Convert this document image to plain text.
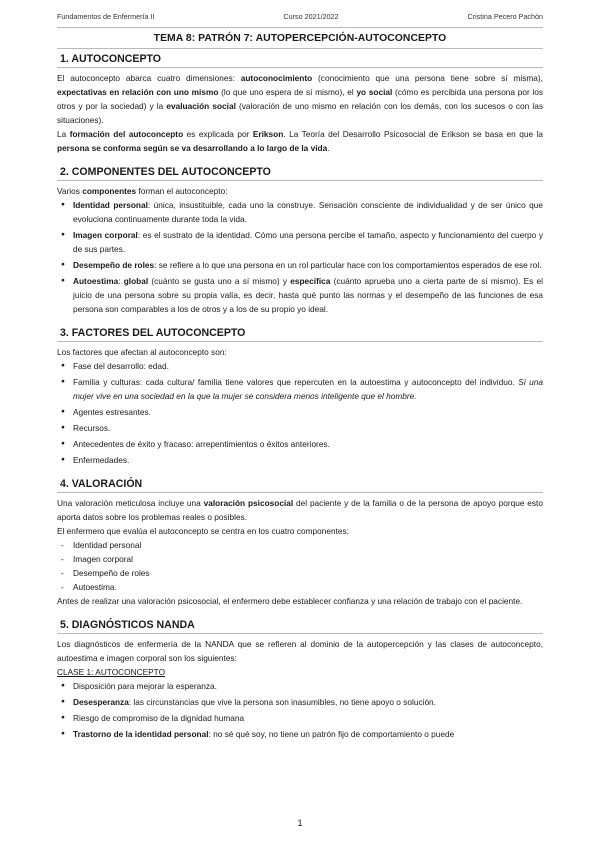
Fundamentos de Enfermería II	Curso 2021/2022	Cristina Pecero Pachón
TEMA 8: PATRÓN 7: AUTOPERCEPCIÓN-AUTOCONCEPTO
1. AUTOCONCEPTO

El autoconcepto abarca cuatro dimensiones: autoconocimiento (conocimiento que una persona tiene sobre sí misma), expectativas en relación con uno mismo (lo que uno espera de sí mismo), el yo social (cómo es percibida una persona por los otros y por la sociedad) y la evaluación social (valoración de uno mismo en relación con los demás, con los sucesos o con las situaciones).

La formación del autoconcepto es explicada por Erikson. La Teoría del Desarrollo Psicosocial de Erikson se basa en que la persona se conforma según se va desarrollando a lo largo de la vida.

2. COMPONENTES DEL AUTOCONCEPTO

Varios componentes forman el autoconcepto:

● Identidad personal: única, insustituible, cada uno la construye. Sensación consciente de individualidad y de ser único que evoluciona continuamente durante toda la vida.
● Imagen corporal: es el sustrato de la identidad. Cómo una persona percibe el tamaño, aspecto y funcionamiento del cuerpo y de sus partes.
● Desempeño de roles: se refiere a lo que una persona en un rol particular hace con los comportamientos esperados de ese rol.
● Autoestima: global (cuánto se gusta uno a sí mismo) y específica (cuánto aprueba uno a cierta parte de sí mismo). Es el juicio de una persona sobre su propia valía, es decir, hasta qué punto las normas y el desempeño de las funciones de esa persona son comparables a los de otros y a los de su propio yo ideal.
3. FACTORES DEL AUTOCONCEPTO

Los factores que afectan al autoconcepto son:

● Fase del desarrollo: edad.
● Familia y culturas: cada cultura/ familia tiene valores que repercuten en la autoestima y autoconcepto del individuo. Si una mujer vive en una sociedad en la que la mujer se considera menos inteligente que el hombre.
● Agentes estresantes.
● Recursos.
● Antecedentes de éxito y fracaso: arrepentimientos o éxitos anteriores.
● Enfermedades.
4. VALORACIÓN

Una valoración meticulosa incluye una valoración psicosocial del paciente y de la familia o de la persona de apoyo porque esto aporta datos sobre los problemas reales o posibles.

El enfermero que evalúa el autoconcepto se centra en los cuatro componentes:

- Identidad personal
- Imagen corporal
- Desempeño de roles
- Autoestima.

Antes de realizar una valoración psicosocial, el enfermero debe establecer confianza y una relación de trabajo con el paciente.

5. DIAGNÓSTICOS NANDA

Los diagnósticos de enfermería de la NANDA que se refieren al dominio de la autopercepción y las clases de autoconcepto, autoestima e imagen corporal son los siguientes:

CLASE 1: AUTOCONCEPTO

● Disposición para mejorar la esperanza.
● Desesperanza: las circunstancias que vive la persona son inasumibles, no tiene apoyo o solución.
● Riesgo de compromiso de la dignidad humana
● Trastorno de la identidad personal: no sé qué soy, no tiene un patrón fijo de comportamiento o puede
1
